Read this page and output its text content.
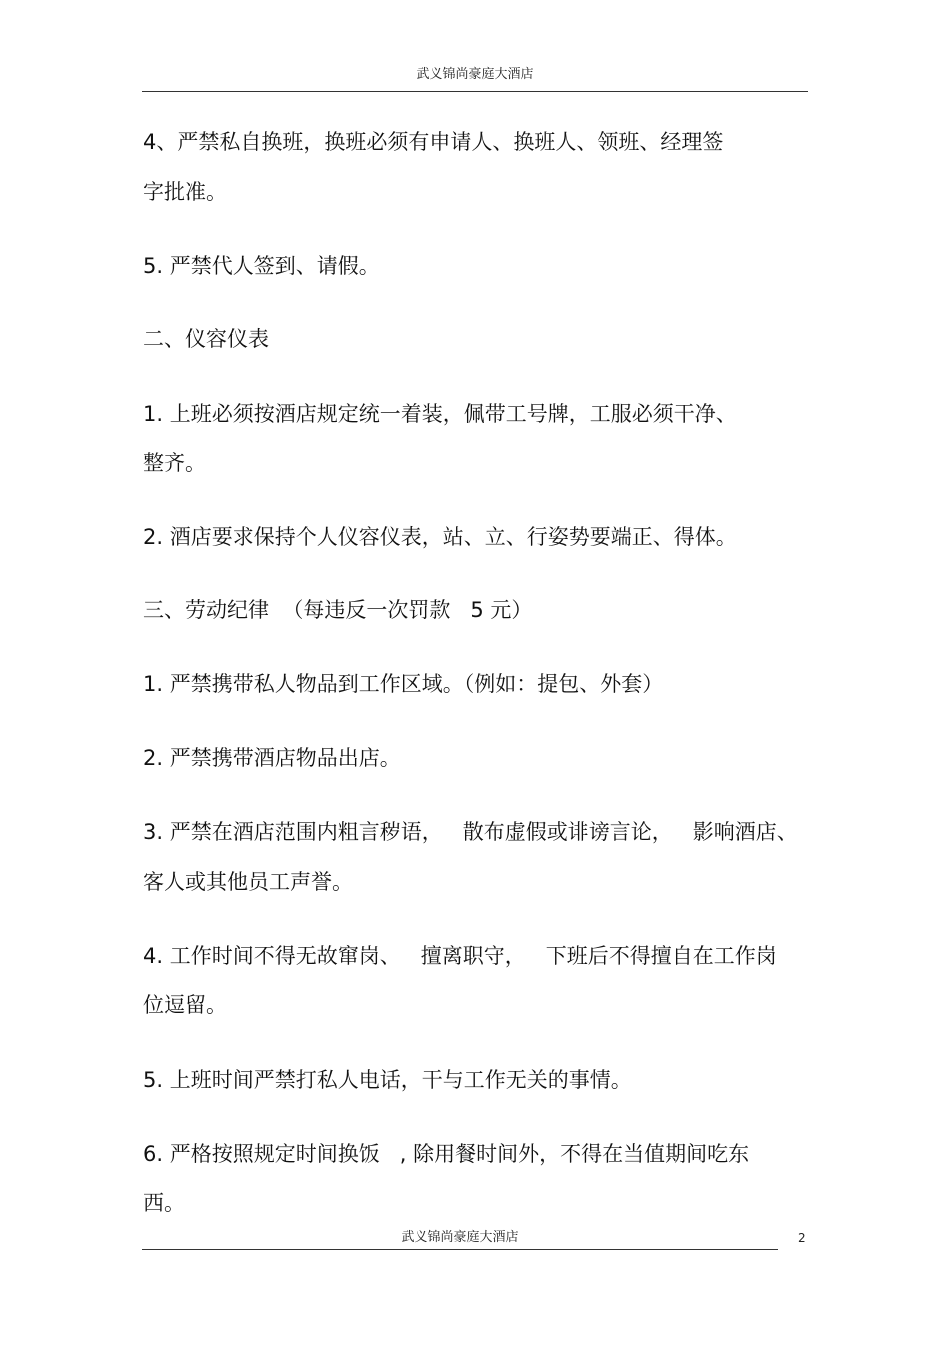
武义锦尚豪庭大酒店
4、严禁私自换班，换班必须有申请人、换班人、领班、经理签
字批准。
5. 严禁代人签到、请假。
二、仪容仪表
1. 上班必须按酒店规定统一着装，佩带工号牌，工服必须干净、
整齐。
2. 酒店要求保持个人仪容仪表，站、立、行姿势要端正、得体。
三、劳动纪律  （每违反一次罚款   5 元）
1. 严禁携带私人物品到工作区域。（例如：提包、外套）
2. 严禁携带酒店物品出店。
3. 严禁在酒店范围内粗言秽语，   散布虚假或诽谤言论，   影响酒店、
客人或其他员工声誉。
4. 工作时间不得无故窜岗、   擅离职守，   下班后不得擅自在工作岗
位逗留。
5. 上班时间严禁打私人电话，干与工作无关的事情。
6. 严格按照规定时间换饭   , 除用餐时间外，不得在当值期间吃东
西。
武义锦尚豪庭大酒店	2
